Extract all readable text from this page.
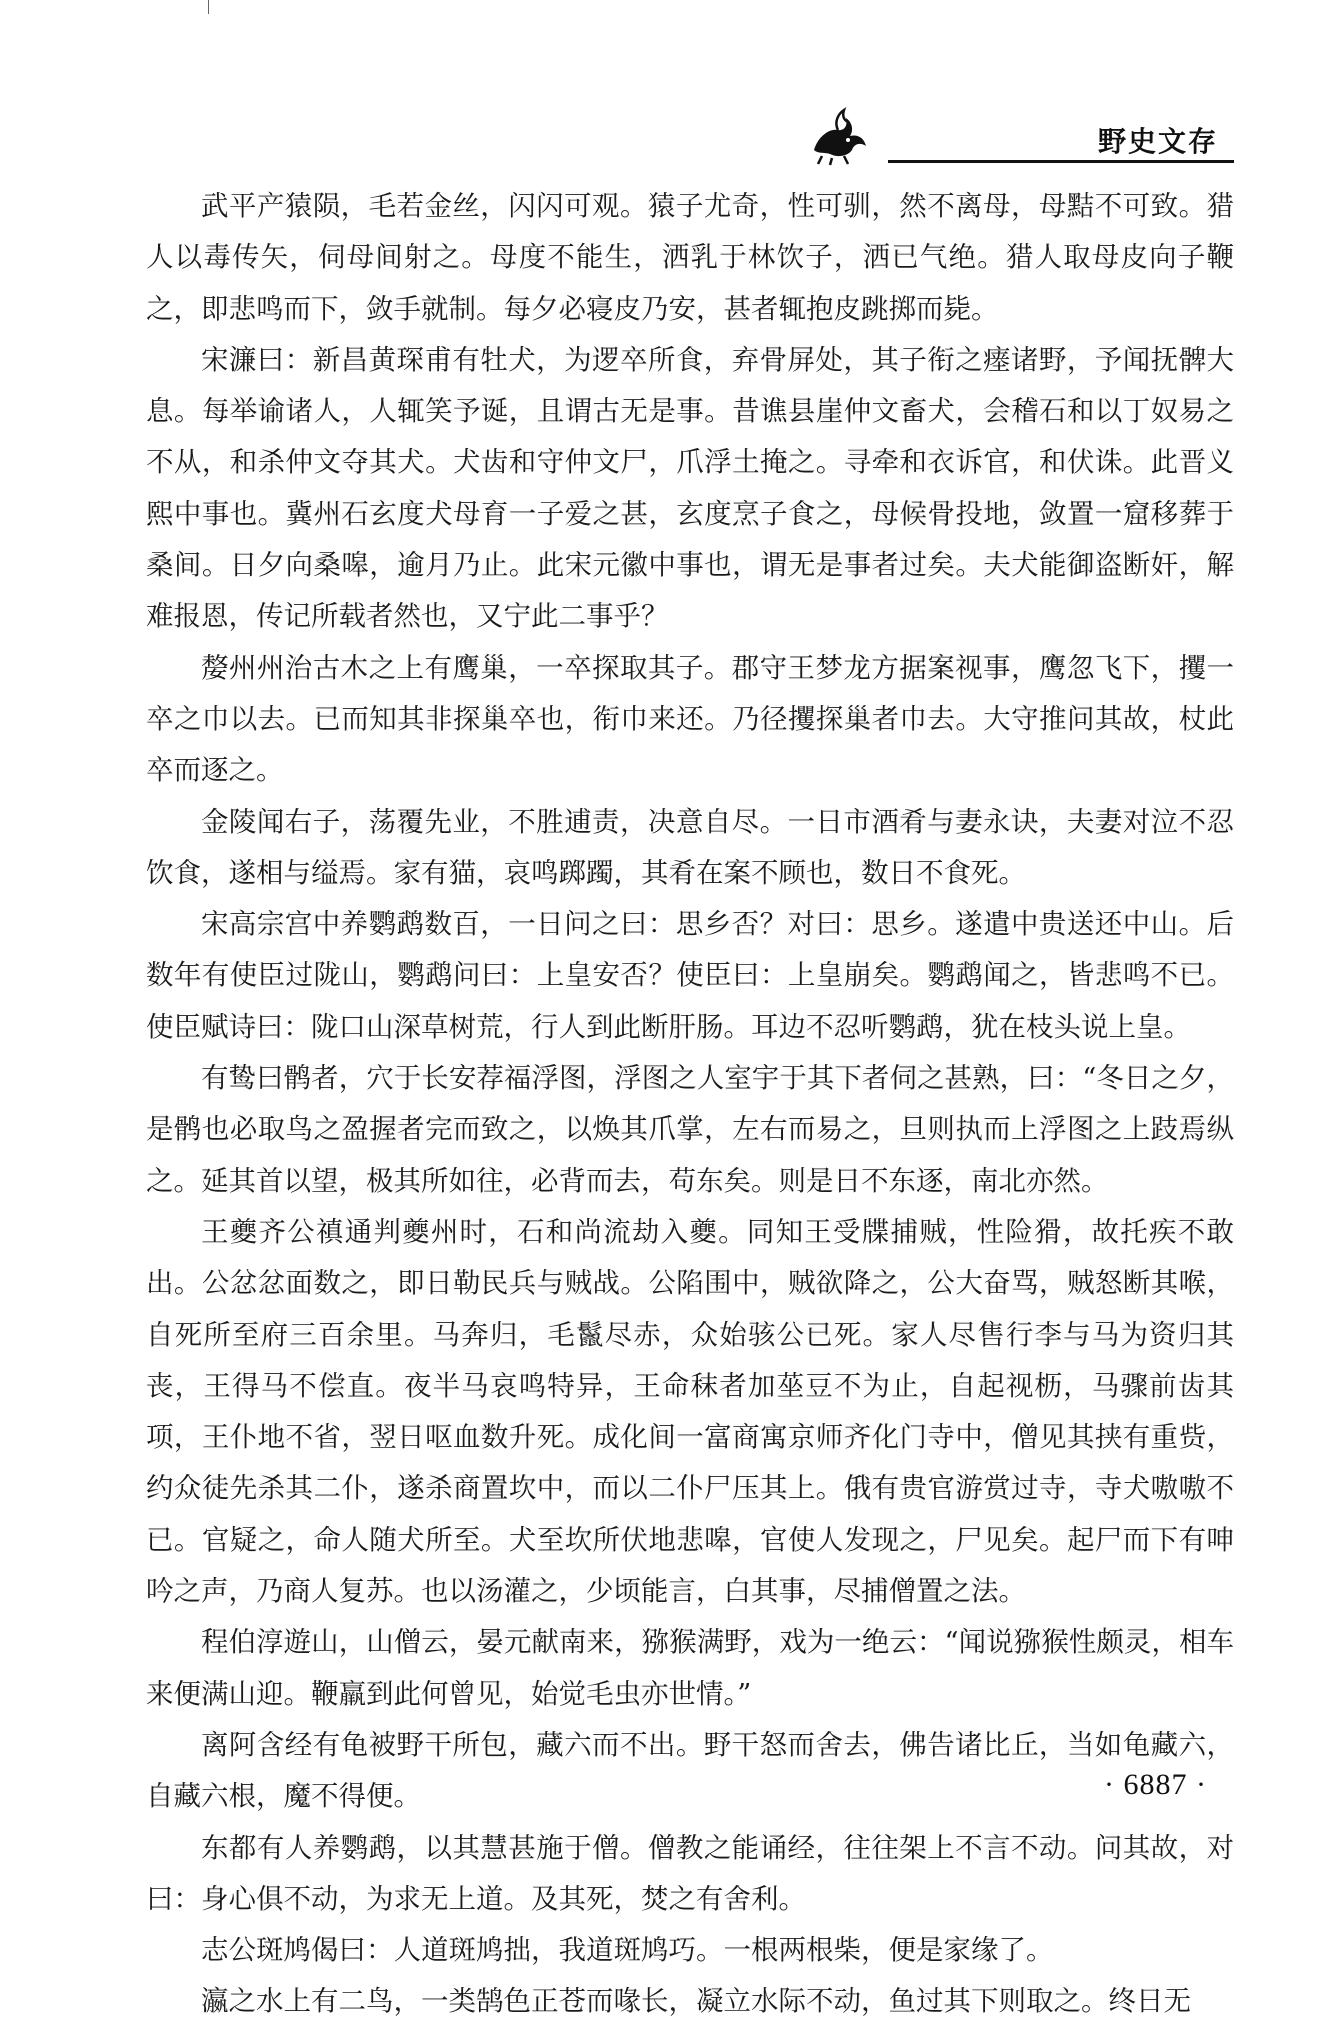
野史文存

武平产猿陨，毛若金丝，闪闪可观。猿子尤奇，性可驯，然不离母，母黠不可致。猎人以毒传矢，伺母间射之。母度不能生，洒乳于林饮子，洒已气绝。猎人取母皮向子鞭之，即悲鸣而下，敛手就制。每夕必寝皮乃安，甚者辄抱皮跳掷而毙。

宋濂曰：新昌黄琛甫有牡犬，为逻卒所食，弃骨屏处，其子衔之瘗诸野，予闻抚髀大息。每举谕诸人，人辄笑予诞，且谓古无是事。昔谯县崖仲文畜犬，会稽石和以丁奴易之不从，和杀仲文夺其犬。犬齿和守仲文尸，爪浮土掩之。寻牵和衣诉官，和伏诛。此晋义熙中事也。冀州石玄度犬母育一子爱之甚，玄度烹子食之，母候骨投地，敛置一窟移葬于桑间。日夕向桑嗥，逾月乃止。此宋元徽中事也，谓无是事者过矣。夫犬能御盗断奸，解难报恩，传记所载者然也，又宁此二事乎？

嫠州州治古木之上有鹰巢，一卒探取其子。郡守王梦龙方据案视事，鹰忽飞下，攫一卒之巾以去。已而知其非探巢卒也，衔巾来还。乃径攫探巢者巾去。大守推问其故，杖此卒而逐之。

金陵闻右子，荡覆先业，不胜逋责，决意自尽。一日市酒肴与妻永诀，夫妻对泣不忍饮食，遂相与缢焉。家有猫，哀鸣踯躅，其肴在案不顾也，数日不食死。

宋高宗宫中养鹦鹉数百，一日问之曰：思乡否？对曰：思乡。遂遣中贵送还中山。后数年有使臣过陇山，鹦鹉问曰：上皇安否？使臣曰：上皇崩矣。鹦鹉闻之，皆悲鸣不已。使臣赋诗曰：陇口山深草树荒，行人到此断肝肠。耳边不忍听鹦鹉，犹在枝头说上皇。

有鸷曰鹘者，穴于长安荐福浮图，浮图之人室宇于其下者伺之甚熟，曰：“冬日之夕，是鹘也必取鸟之盈握者完而致之，以焕其爪掌，左右而易之，旦则执而上浮图之上跂焉纵之。延其首以望，极其所如往，必背而去，苟东矣。则是日不东逐，南北亦然。

王夔齐公禛通判夔州时，石和尚流劫入夔。同知王受牒捕贼，性险猾，故托疾不敢出。公忿忿面数之，即日勒民兵与贼战。公陷围中，贼欲降之，公大奋骂，贼怒断其喉，自死所至府三百余里。马奔归，毛鬣尽赤，众始骇公已死。家人尽售行李与马为资归其丧，王得马不偿直。夜半马哀鸣特异，王命秣者加莝豆不为止，自起视枥，马骤前齿其项，王仆地不省，翌日呕血数升死。成化间一富商寓京师齐化门寺中，僧见其挟有重赀，约众徒先杀其二仆，遂杀商置坎中，而以二仆尸压其上。俄有贵官游赏过寺，寺犬嗷嗷不已。官疑之，命人随犬所至。犬至坎所伏地悲嗥，官使人发现之，尸见矣。起尸而下有呻吟之声，乃商人复苏。也以汤灌之，少顷能言，白其事，尽捕僧置之法。

程伯淳遊山，山僧云，晏元献南来，猕猴满野，戏为一绝云：“闻说猕猴性颇灵，相车来便满山迎。鞭羸到此何曾见，始觉毛虫亦世情。”

离阿含经有龟被野干所包，藏六而不出。野干怒而舍去，佛告诸比丘，当如龟藏六，自藏六根，魔不得便。

东都有人养鹦鹉，以其慧甚施于僧。僧教之能诵经，往往架上不言不动。问其故，对曰：身心俱不动，为求无上道。及其死，焚之有舍利。

志公斑鸠偈曰：人道斑鸠拙，我道斑鸠巧。一根两根柴，便是家缘了。

瀛之水上有二鸟，一类鹄色正苍而喙长，凝立水际不动，鱼过其下则取之。终日无

· 6887 ·
